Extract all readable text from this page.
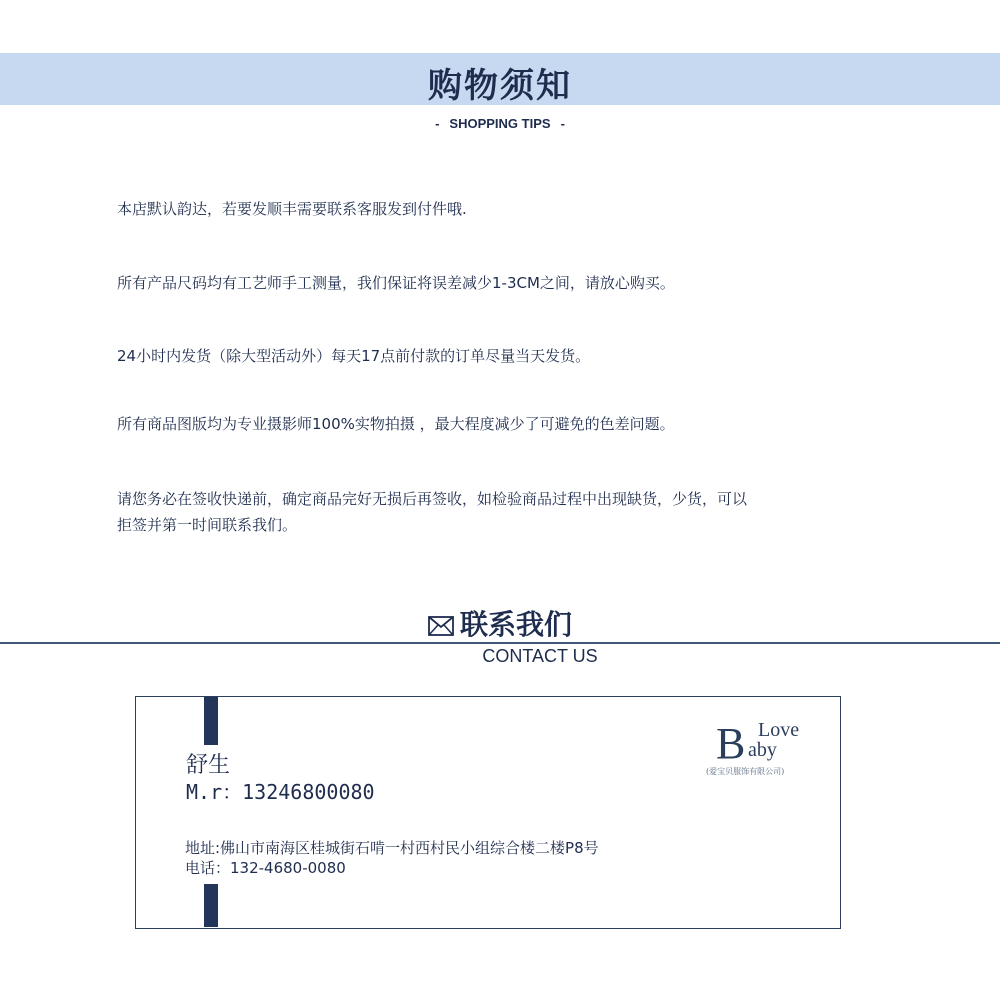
购物须知
- SHOPPING TIPS -
本店默认韵达，若要发顺丰需要联系客服发到付件哦.
所有产品尺码均有工艺师手工测量，我们保证将误差减少1-3CM之间，请放心购买。
24小时内发货（除大型活动外）每天17点前付款的订单尽量当天发货。
所有商品图版均为专业摄影师100%实物拍摄 ，最大程度减少了可避免的色差问题。
请您务必在签收快递前，确定商品完好无损后再签收，如检验商品过程中出现缺货，少货，可以
拒签并第一时间联系我们。
联系我们
CONTACT US
舒生
M.r：13246800080
地址:佛山市南海区桂城街石啃一村西村民小组综合楼二楼P8号
电话：132-4680-0080
B Love
aby
(爱宝贝服饰有限公司)
